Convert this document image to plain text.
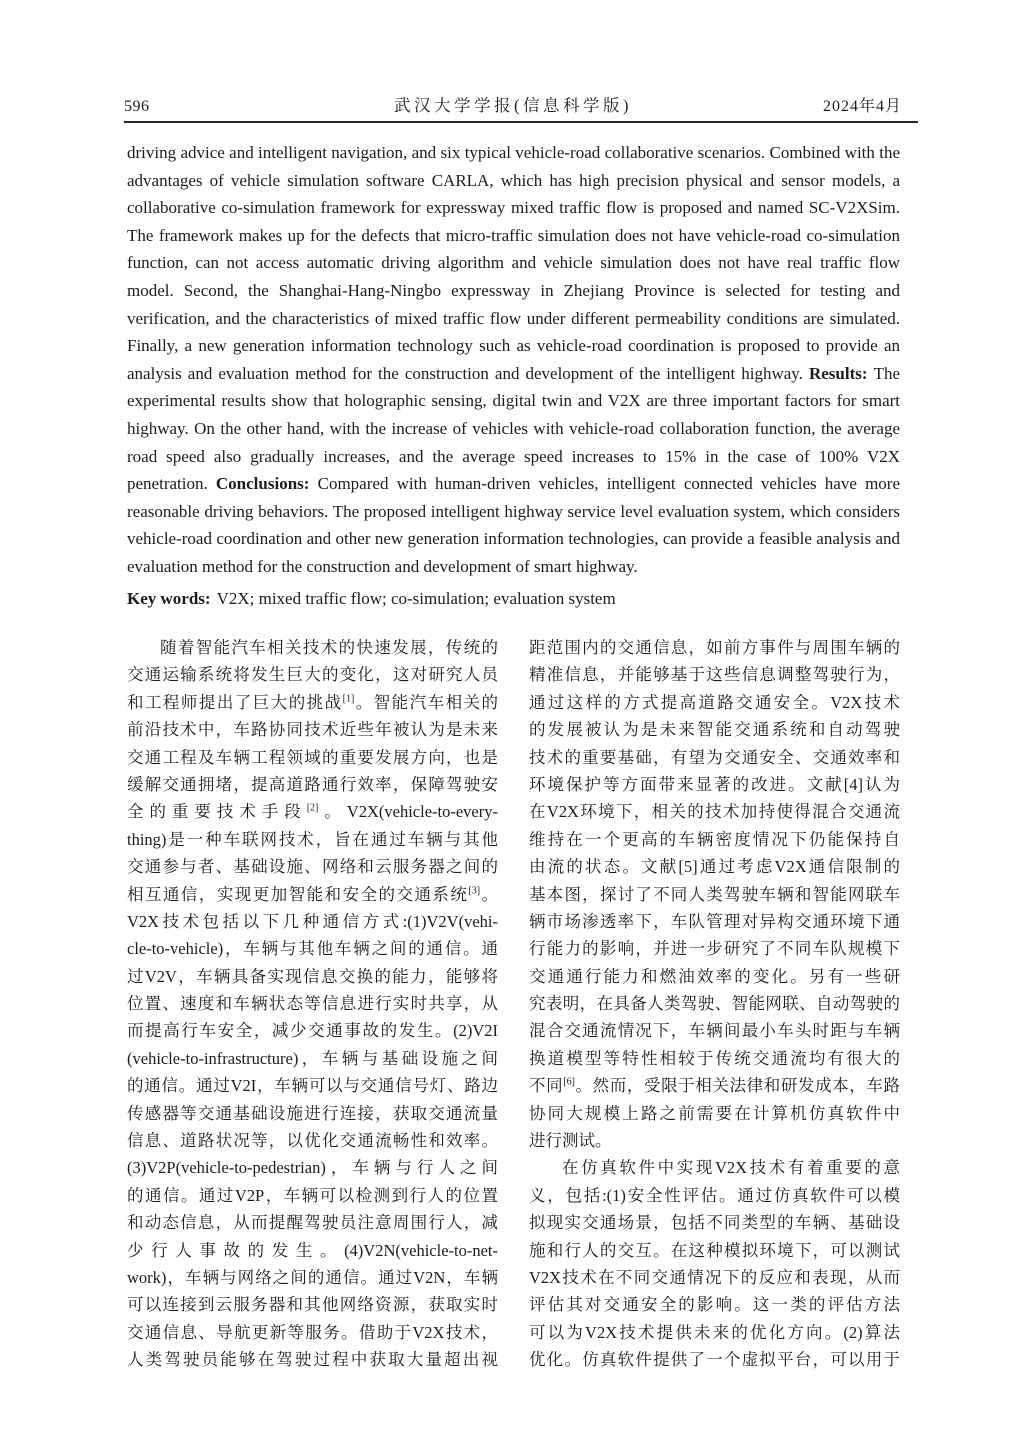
596	武汉大学学报(信息科学版)	2024年4月
driving advice and intelligent navigation, and six typical vehicle-road collaborative scenarios. Combined with the advantages of vehicle simulation software CARLA, which has high precision physical and sensor models, a collaborative co-simulation framework for expressway mixed traffic flow is proposed and named SC-V2XSim. The framework makes up for the defects that micro-traffic simulation does not have vehicle-road co-simulation function, can not access automatic driving algorithm and vehicle simulation does not have real traffic flow model. Second, the Shanghai-Hang-Ningbo expressway in Zhejiang Province is selected for testing and verification, and the characteristics of mixed traffic flow under different permeability conditions are simulated. Finally, a new generation information technology such as vehicle-road coordination is proposed to provide an analysis and evaluation method for the construction and development of the intelligent highway. Results: The experimental results show that holographic sensing, digital twin and V2X are three important factors for smart highway. On the other hand, with the increase of vehicles with vehicle-road collaboration function, the average road speed also gradually increases, and the average speed increases to 15% in the case of 100% V2X penetration. Conclusions: Compared with human-driven vehicles, intelligent connected vehicles have more reasonable driving behaviors. The proposed intelligent highway service level evaluation system, which considers vehicle-road coordination and other new generation information technologies, can provide a feasible analysis and evaluation method for the construction and development of smart highway.

Key words: V2X; mixed traffic flow; co-simulation; evaluation system

随着智能汽车相关技术的快速发展，传统的
交通运输系统将发生巨大的变化，这对研究人员
和工程师提出了巨大的挑战[1]。智能汽车相关的
前沿技术中，车路协同技术近些年被认为是未来
交通工程及车辆工程领域的重要发展方向，也是
缓解交通拥堵，提高道路通行效率，保障驾驶安
全的重要技术手段[2]。V2X(vehicle-to-every-
thing)是一种车联网技术，旨在通过车辆与其他
交通参与者、基础设施、网络和云服务器之间的
相互通信，实现更加智能和安全的交通系统[3]。
V2X技术包括以下几种通信方式:(1)V2V(vehi-
cle-to-vehicle)，车辆与其他车辆之间的通信。通
过V2V，车辆具备实现信息交换的能力，能够将
位置、速度和车辆状态等信息进行实时共享，从
而提高行车安全，减少交通事故的发生。(2)V2I
(vehicle-to-infrastructure)，车辆与基础设施之间
的通信。通过V2I，车辆可以与交通信号灯、路边
传感器等交通基础设施进行连接，获取交通流量
信息、道路状况等，以优化交通流畅性和效率。
(3)V2P(vehicle-to-pedestrian)，车辆与行人之间
的通信。通过V2P，车辆可以检测到行人的位置
和动态信息，从而提醒驾驶员注意周围行人，减
少行人事故的发生。(4)V2N(vehicle-to-net-
work)，车辆与网络之间的通信。通过V2N，车辆
可以连接到云服务器和其他网络资源，获取实时
交通信息、导航更新等服务。借助于V2X技术，
人类驾驶员能够在驾驶过程中获取大量超出视
距范围内的交通信息，如前方事件与周围车辆的
精准信息，并能够基于这些信息调整驾驶行为，
通过这样的方式提高道路交通安全。V2X技术
的发展被认为是未来智能交通系统和自动驾驶
技术的重要基础，有望为交通安全、交通效率和
环境保护等方面带来显著的改进。文献[4]认为
在V2X环境下，相关的技术加持使得混合交通流
维持在一个更高的车辆密度情况下仍能保持自
由流的状态。文献[5]通过考虑V2X通信限制的
基本图，探讨了不同人类驾驶车辆和智能网联车
辆市场渗透率下，车队管理对异构交通环境下通
行能力的影响，并进一步研究了不同车队规模下
交通通行能力和燃油效率的变化。另有一些研
究表明，在具备人类驾驶、智能网联、自动驾驶的
混合交通流情况下，车辆间最小车头时距与车辆
换道模型等特性相较于传统交通流均有很大的
不同[6]。然而，受限于相关法律和研发成本，车路
协同大规模上路之前需要在计算机仿真软件中
进行测试。
在仿真软件中实现V2X技术有着重要的意
义，包括:(1)安全性评估。通过仿真软件可以模
拟现实交通场景，包括不同类型的车辆、基础设
施和行人的交互。在这种模拟环境下，可以测试
V2X技术在不同交通情况下的反应和表现，从而
评估其对交通安全的影响。这一类的评估方法
可以为V2X技术提供未来的优化方向。(2)算法
优化。仿真软件提供了一个虚拟平台，可以用于
